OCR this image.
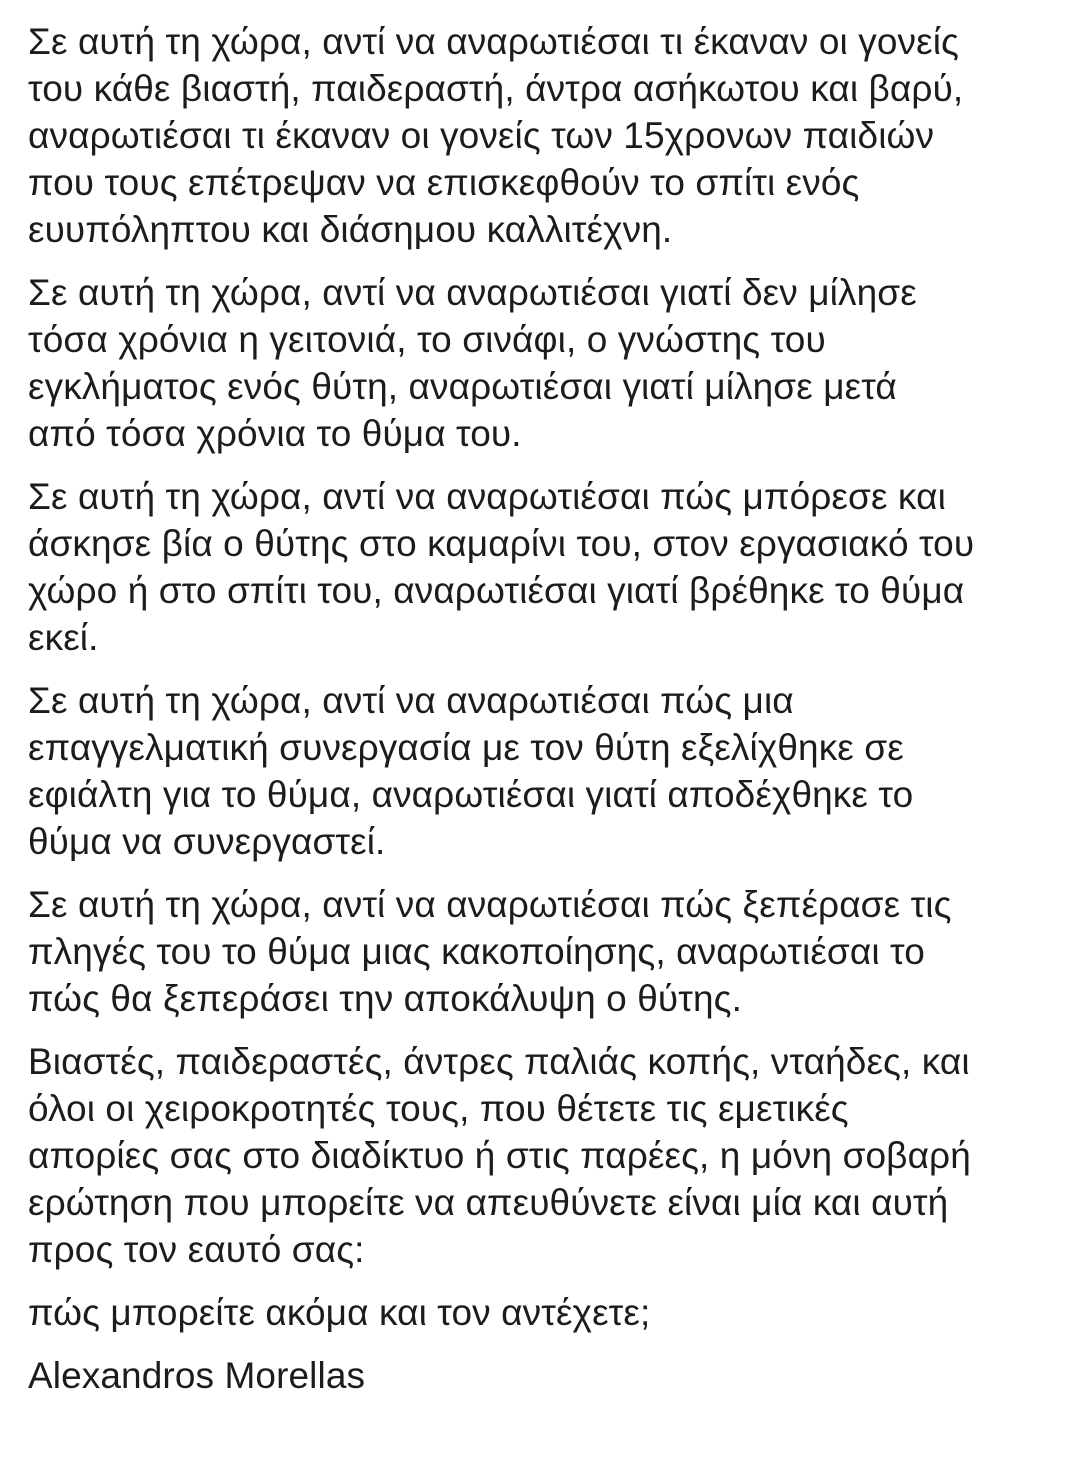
Σε αυτή τη χώρα, αντί να αναρωτιέσαι τι έκαναν οι γονείς
του κάθε βιαστή, παιδεραστή, άντρα ασήκωτου και βαρύ,
αναρωτιέσαι τι έκαναν οι γονείς των 15χρονων παιδιών
που τους επέτρεψαν να επισκεφθούν το σπίτι ενός
ευυπόληπτου και διάσημου καλλιτέχνη.

Σε αυτή τη χώρα, αντί να αναρωτιέσαι γιατί δεν μίλησε
τόσα χρόνια η γειτονιά, το σινάφι, ο γνώστης του
εγκλήματος ενός θύτη, αναρωτιέσαι γιατί μίλησε μετά
από τόσα χρόνια το θύμα του.

Σε αυτή τη χώρα, αντί να αναρωτιέσαι πώς μπόρεσε και
άσκησε βία ο θύτης στο καμαρίνι του, στον εργασιακό του
χώρο ή στο σπίτι του, αναρωτιέσαι γιατί βρέθηκε το θύμα
εκεί.

Σε αυτή τη χώρα, αντί να αναρωτιέσαι πώς μια
επαγγελματική συνεργασία με τον θύτη εξελίχθηκε σε
εφιάλτη για το θύμα, αναρωτιέσαι γιατί αποδέχθηκε το
θύμα να συνεργαστεί.

Σε αυτή τη χώρα, αντί να αναρωτιέσαι πώς ξεπέρασε τις
πληγές του το θύμα μιας κακοποίησης, αναρωτιέσαι το
πώς θα ξεπεράσει την αποκάλυψη ο θύτης.

Βιαστές, παιδεραστές, άντρες παλιάς κοπής, νταήδες, και
όλοι οι χειροκροτητές τους, που θέτετε τις εμετικές
απορίες σας στο διαδίκτυο ή στις παρέες, η μόνη σοβαρή
ερώτηση που μπορείτε να απευθύνετε είναι μία και αυτή
προς τον εαυτό σας:

πώς μπορείτε ακόμα και τον αντέχετε;

Alexandros Morellas
